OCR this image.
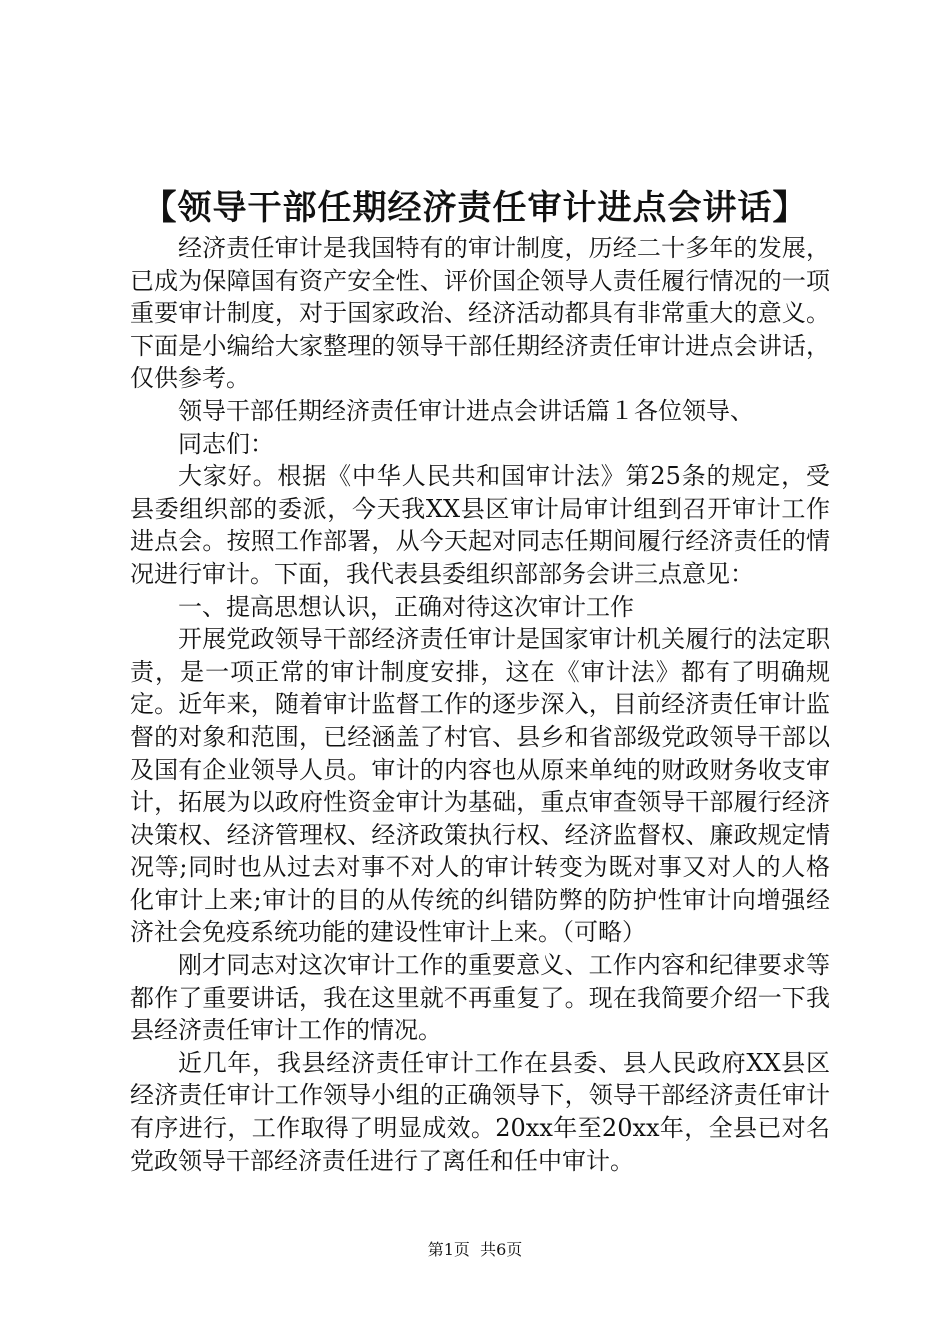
【领导干部任期经济责任审计进点会讲话】

经济责任审计是我国特有的审计制度，历经二十多年的发展，已成为保障国有资产安全性、评价国企领导人责任履行情况的一项重要审计制度，对于国家政治、经济活动都具有非常重大的意义。下面是小编给大家整理的领导干部任期经济责任审计进点会讲话，仅供参考。

领导干部任期经济责任审计进点会讲话篇１各位领导、

同志们：

大家好。根据《中华人民共和国审计法》第25条的规定，受县委组织部的委派，今天我XX县区审计局审计组到召开审计工作进点会。按照工作部署，从今天起对同志任期间履行经济责任的情况进行审计。下面，我代表县委组织部部务会讲三点意见：

一、提高思想认识，正确对待这次审计工作

开展党政领导干部经济责任审计是国家审计机关履行的法定职责，是一项正常的审计制度安排，这在《审计法》都有了明确规定。近年来，随着审计监督工作的逐步深入，目前经济责任审计监督的对象和范围，已经涵盖了村官、县乡和省部级党政领导干部以及国有企业领导人员。审计的内容也从原来单纯的财政财务收支审计，拓展为以政府性资金审计为基础，重点审查领导干部履行经济决策权、经济管理权、经济政策执行权、经济监督权、廉政规定情况等;同时也从过去对事不对人的审计转变为既对事又对人的人格化审计上来;审计的目的从传统的纠错防弊的防护性审计向增强经济社会免疫系统功能的建设性审计上来。（可略）

刚才同志对这次审计工作的重要意义、工作内容和纪律要求等都作了重要讲话，我在这里就不再重复了。现在我简要介绍一下我县经济责任审计工作的情况。

近几年，我县经济责任审计工作在县委、县人民政府XX县区经济责任审计工作领导小组的正确领导下，领导干部经济责任审计有序进行，工作取得了明显成效。20xx年至20xx年，全县已对名党政领导干部经济责任进行了离任和任中审计。

第1页  共6页
